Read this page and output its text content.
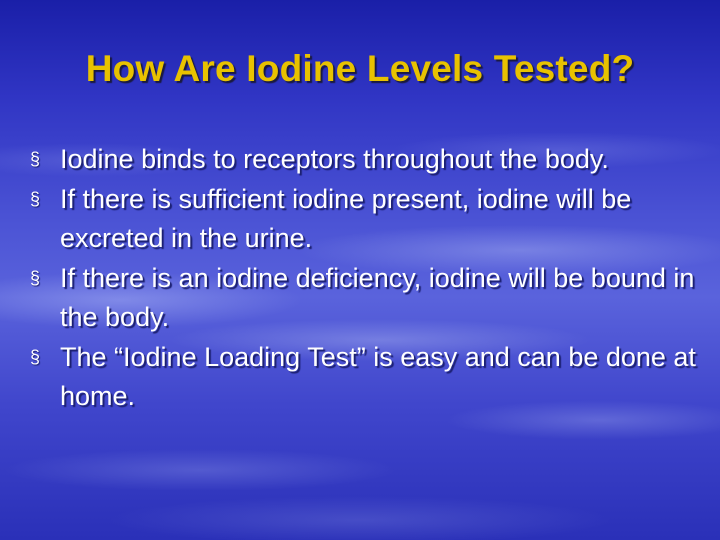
How Are Iodine Levels Tested?
§ Iodine binds to receptors throughout the body.
§ If there is sufficient iodine present, iodine will be excreted in the urine.
§ If there is an iodine deficiency, iodine will be bound in the body.
§ The “Iodine Loading Test” is easy and can be done at home.
